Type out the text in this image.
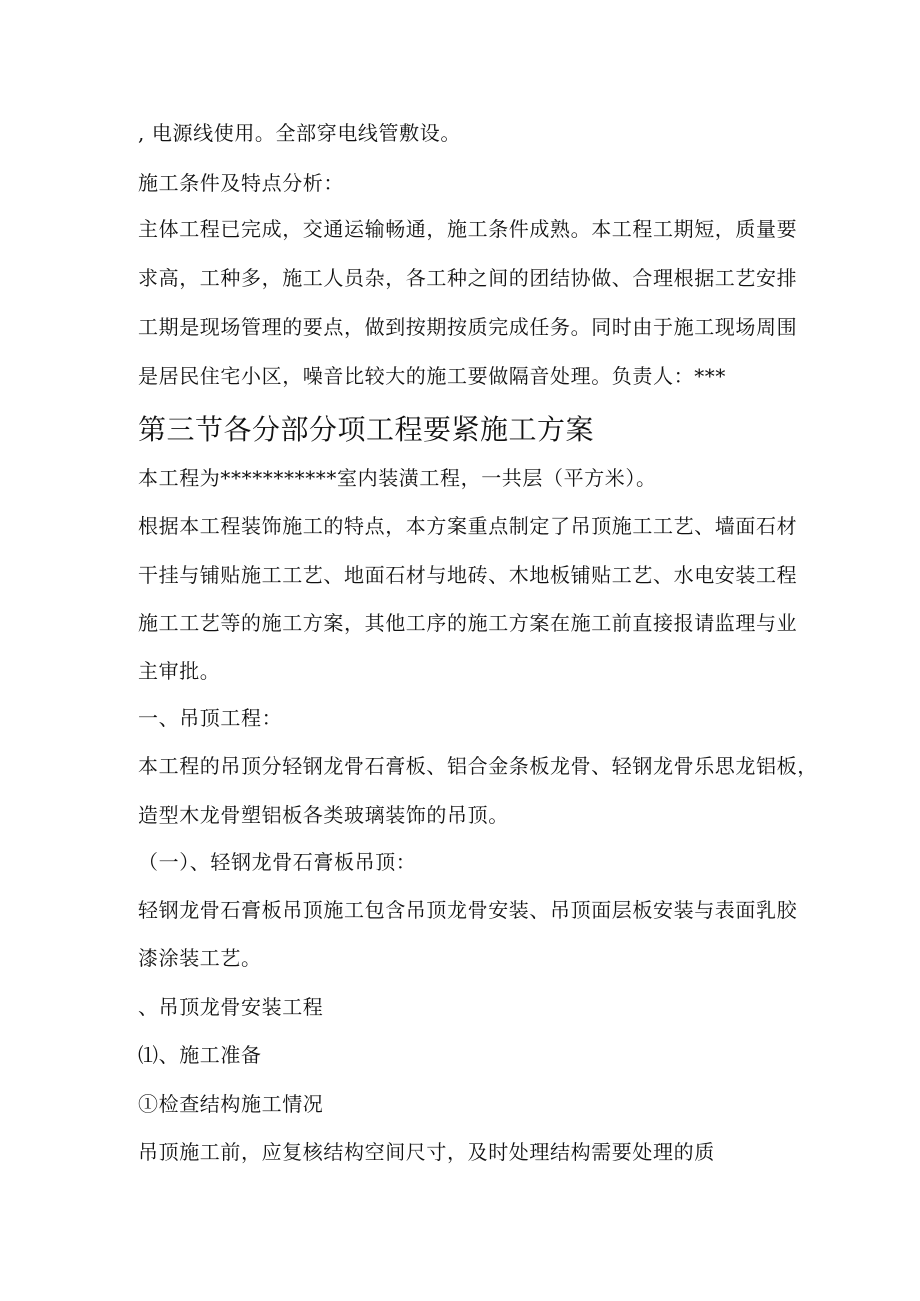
, 电源线使用。全部穿电线管敷设。
施工条件及特点分析：
主体工程已完成，交通运输畅通，施工条件成熟。本工程工期短，质量要
求高，工种多，施工人员杂，各工种之间的团结协做、合理根据工艺安排
工期是现场管理的要点，做到按期按质完成任务。同时由于施工现场周围
是居民住宅小区，噪音比较大的施工要做隔音处理。负责人：***
第三节各分部分项工程要紧施工方案
本工程为***********室内装潢工程，一共层（平方米）。
根据本工程装饰施工的特点，本方案重点制定了吊顶施工工艺、墙面石材
干挂与铺贴施工工艺、地面石材与地砖、木地板铺贴工艺、水电安装工程
施工工艺等的施工方案，其他工序的施工方案在施工前直接报请监理与业
主审批。
一、吊顶工程：
本工程的吊顶分轻钢龙骨石膏板、铝合金条板龙骨、轻钢龙骨乐思龙铝板，
造型木龙骨塑铝板各类玻璃装饰的吊顶。
（一）、轻钢龙骨石膏板吊顶：
轻钢龙骨石膏板吊顶施工包含吊顶龙骨安装、吊顶面层板安装与表面乳胶
漆涂装工艺。
、吊顶龙骨安装工程
⑴、施工准备
①检查结构施工情况
吊顶施工前，应复核结构空间尺寸，及时处理结构需要处理的质
